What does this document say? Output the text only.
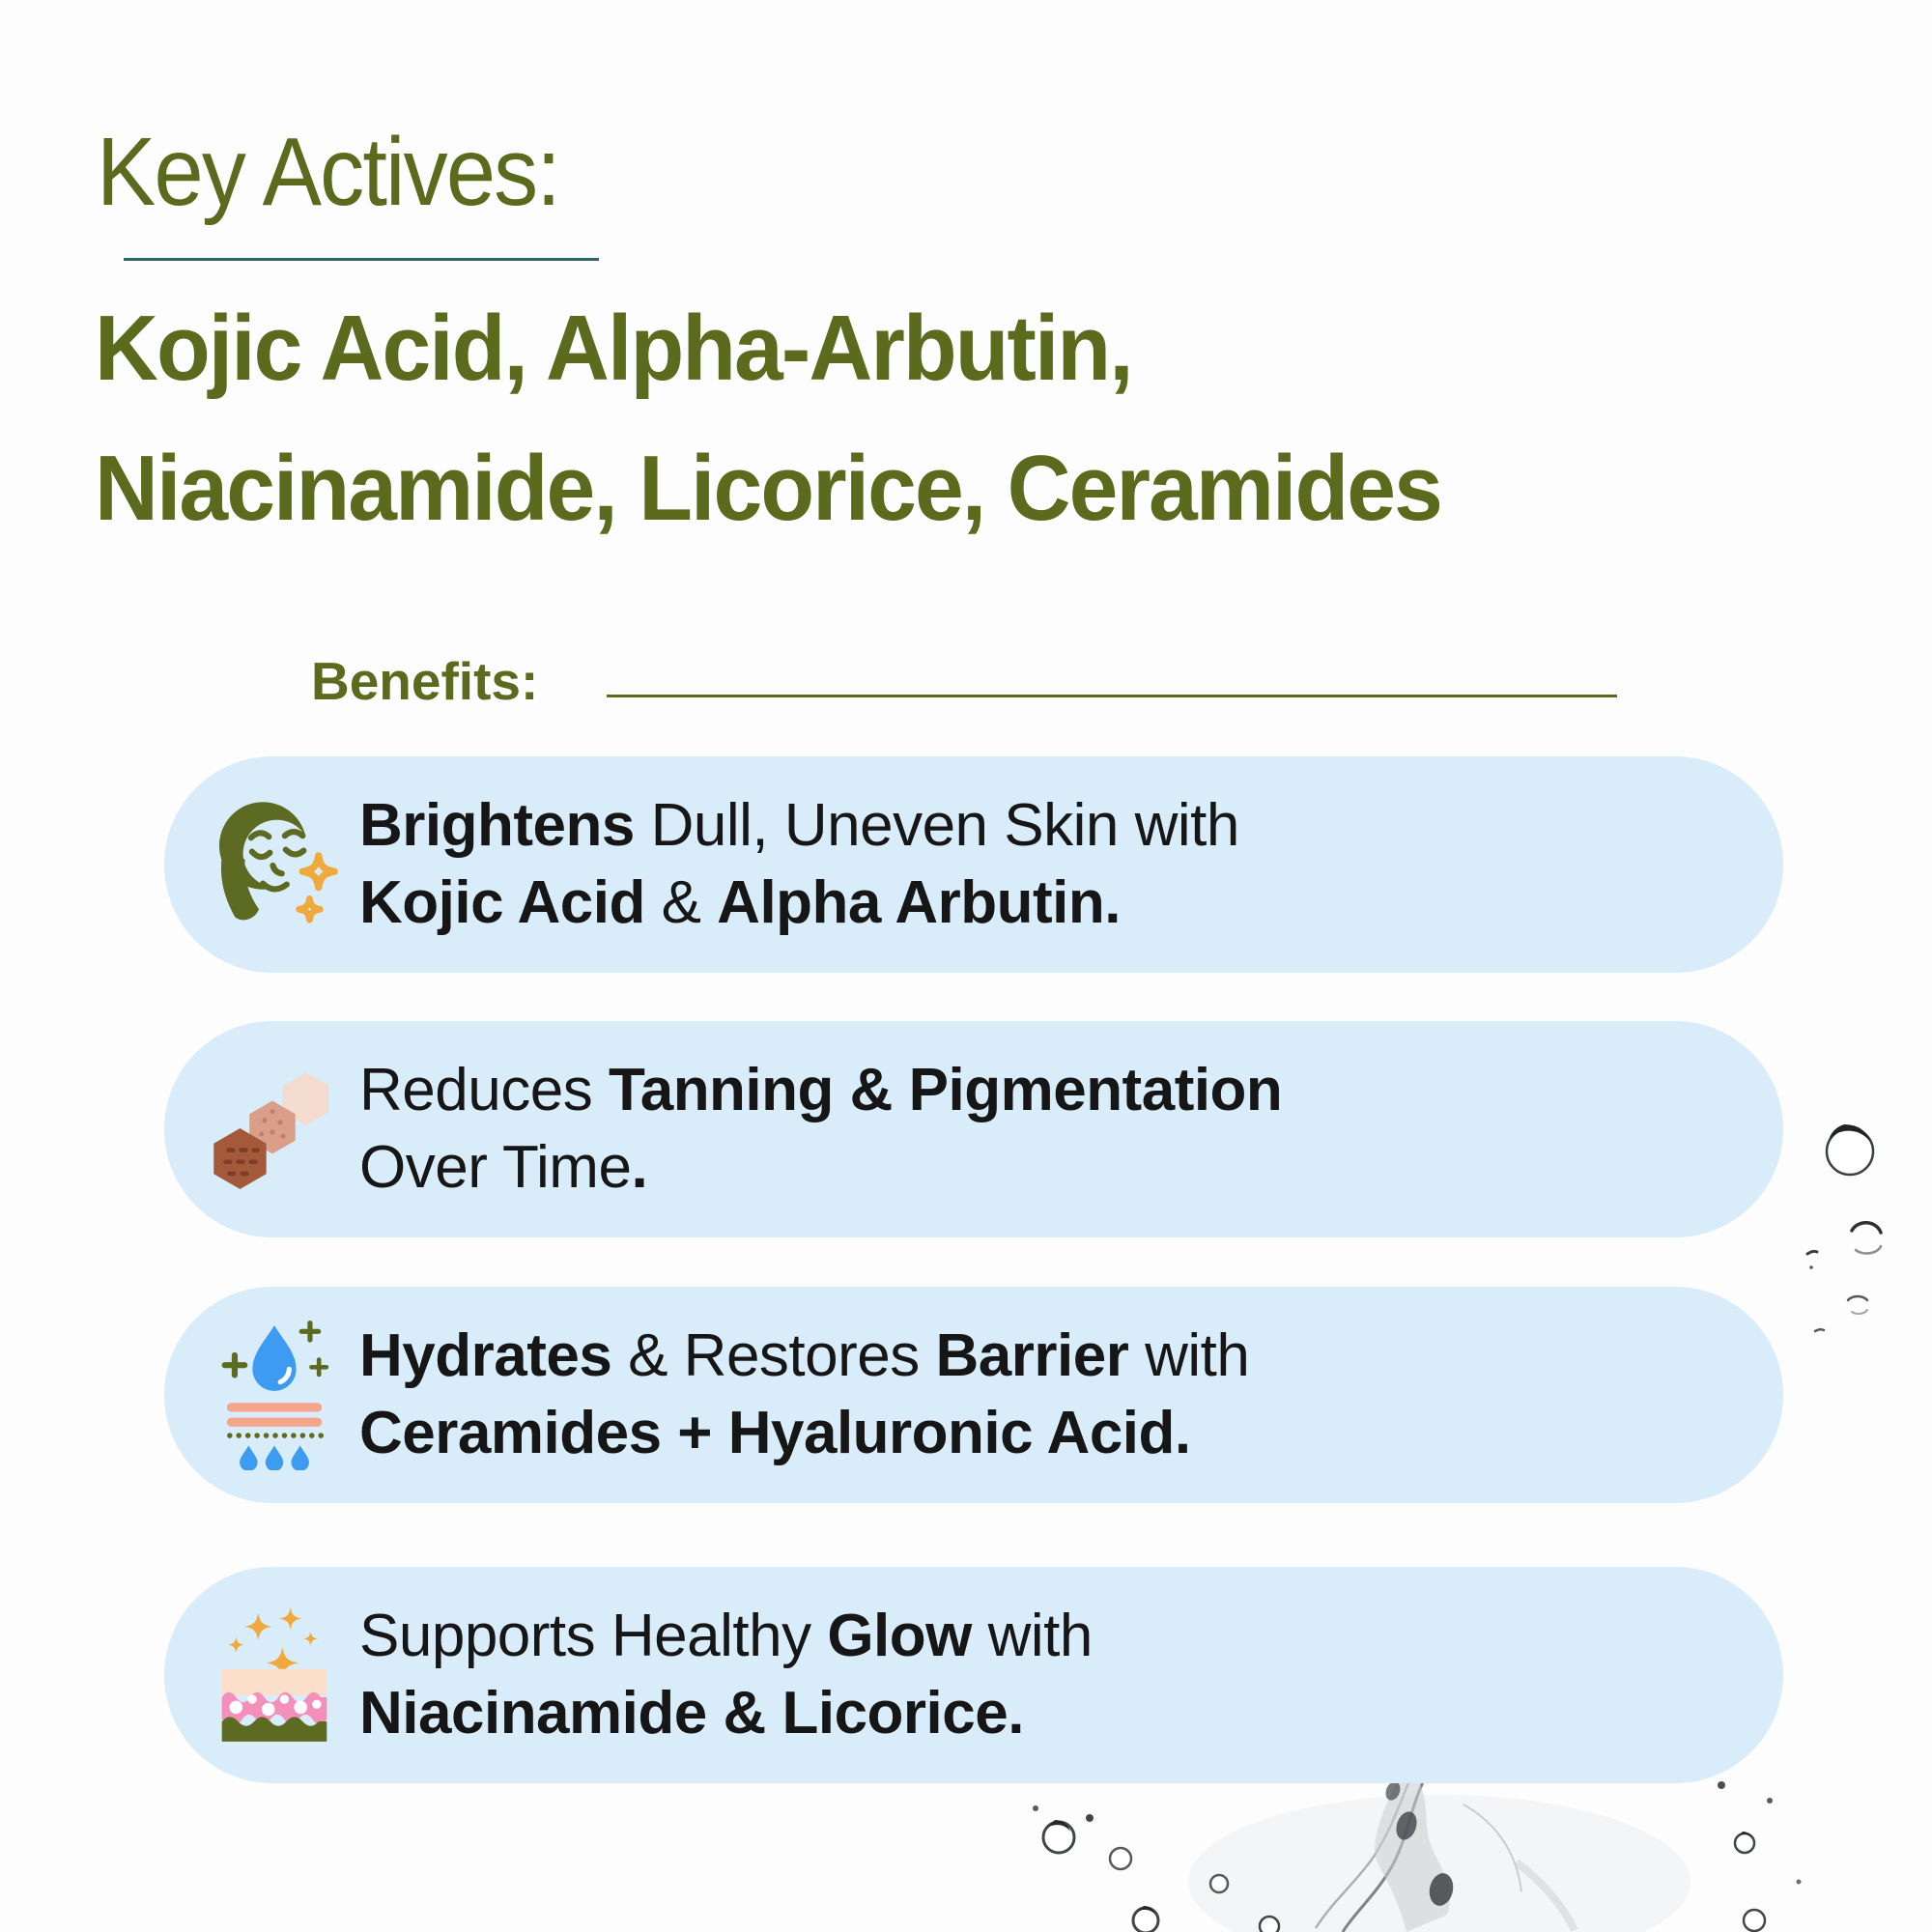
Key Actives:
Kojic Acid, Alpha-Arbutin,
Niacinamide, Licorice, Ceramides
Benefits:
Brightens Dull, Uneven Skin with
Kojic Acid & Alpha Arbutin.
Reduces Tanning & Pigmentation
Over Time.
Hydrates & Restores Barrier with
Ceramides + Hyaluronic Acid.
Supports Healthy Glow with
Niacinamide & Licorice.
